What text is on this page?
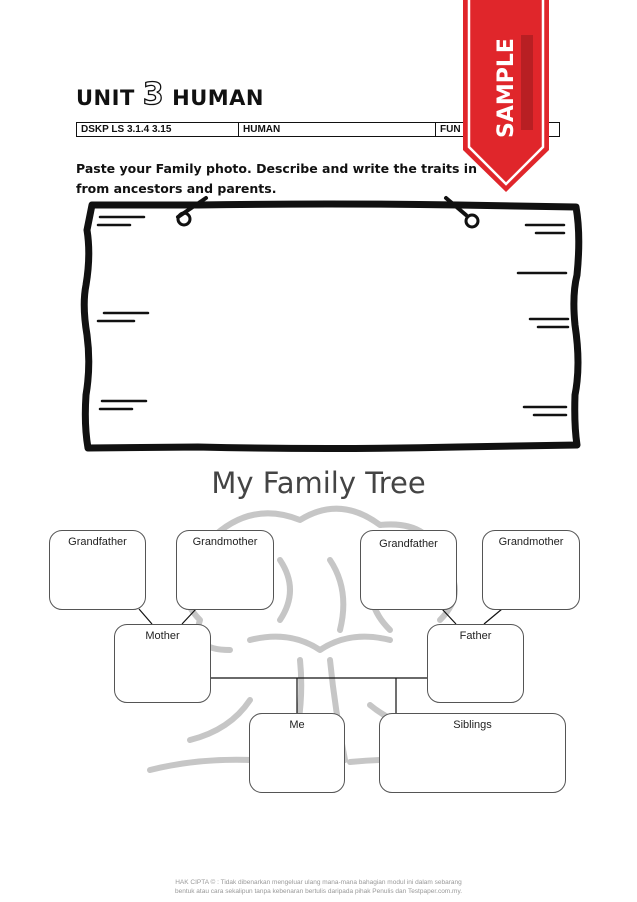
UNIT 3 HUMAN
DSKP LS 3.1.4 3.15	HUMAN	FUN
Paste your Family photo. Describe and write the traits in
from ancestors and parents.
My Family Tree
Grandfather	Grandmother	Grandfather	Grandmother
Mother	Father
Me	Siblings
SAMPLE
HAK CIPTA © : Tidak dibenarkan mengeluar ulang mana-mana bahagian modul ini dalam sebarang
bentuk atau cara sekalipun tanpa kebenaran bertulis daripada pihak Penulis dan Testpaper.com.my.
